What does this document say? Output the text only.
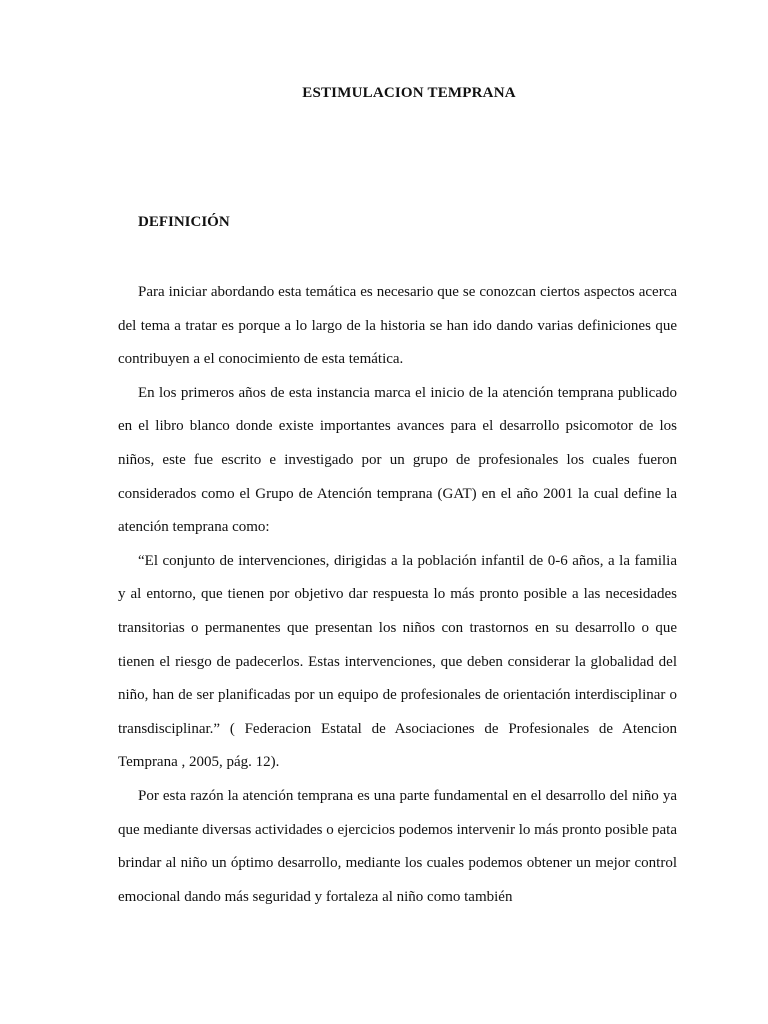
ESTIMULACION TEMPRANA
DEFINICIÓN

Para iniciar abordando esta temática es necesario que se conozcan ciertos aspectos acerca del tema a tratar es porque a lo largo de la historia se han ido dando varias definiciones que contribuyen a el conocimiento de esta temática.

En los primeros años de esta instancia marca el inicio de la atención temprana publicado en el libro blanco donde existe importantes avances para el desarrollo psicomotor de los niños, este fue escrito e investigado por un grupo de profesionales los cuales fueron considerados como el Grupo de Atención temprana (GAT) en el año 2001 la cual define la atención temprana como:

“El conjunto de intervenciones, dirigidas a la población infantil de 0-6 años, a la familia y al entorno, que tienen por objetivo dar respuesta lo más pronto posible a las necesidades transitorias o permanentes que presentan los niños con trastornos en su desarrollo o que tienen el riesgo de padecerlos. Estas intervenciones, que deben considerar la globalidad del niño, han de ser planificadas por un equipo de profesionales de orientación interdisciplinar o transdisciplinar.” ( Federacion Estatal de Asociaciones de Profesionales de Atencion Temprana , 2005, pág. 12).

Por esta razón la atención temprana es una parte fundamental en el desarrollo del niño ya que mediante diversas actividades o ejercicios podemos intervenir lo más pronto posible pata brindar al niño un óptimo desarrollo, mediante los cuales podemos obtener un mejor control emocional dando más seguridad y fortaleza al niño como también
